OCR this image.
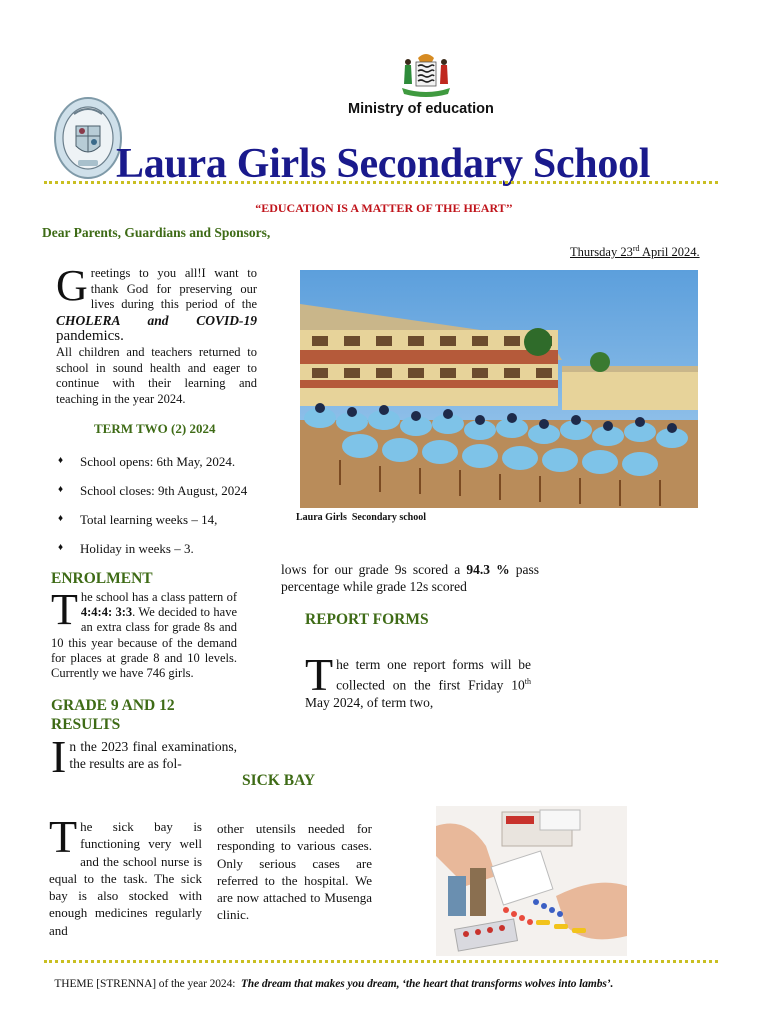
Ministry of education
Laura Girls Secondary School
“EDUCATION IS A MATTER OF THE HEART’’
Dear Parents, Guardians and Sponsors,
Thursday 23rd April 2024.
Greetings to you all!I want to thank God for preserving our lives during this period of the CHOLERA and COVID-19 pandemics.
All children and teachers returned to school in sound health and eager to continue with their learning and teaching in the year 2024.
TERM TWO (2) 2024
♦ School opens: 6th May, 2024.
♦ School closes: 9th August, 2024
♦ Total learning weeks – 14,
♦ Holiday in weeks – 3.
Laura Girls  Secondary school
ENROLMENT
The school has a class pattern of 4:4:4: 3:3. We decided to have an extra class for grade 8s and 10 this year because of the demand for places at grade 8 and 10 levels. Currently we have 746 girls.
GRADE 9 AND 12 RESULTS
In the 2023 final examinations, the results are as fol-
lows for our grade 9s scored a 94.3 % pass percentage while grade 12s scored
REPORT FORMS
The term one report forms will be collected on the first Friday 10th May 2024, of term two,
SICK BAY
The sick bay is functioning very well and the school nurse is equal to the task. The sick bay is also stocked with enough medicines regularly and
other utensils needed for responding to various cases. Only serious cases are referred to the hospital. We are now attached to Musenga clinic.

THEME [STRENNA] of the year 2024:  The dream that makes you dream, ‘the heart that transforms wolves into lambs’.
